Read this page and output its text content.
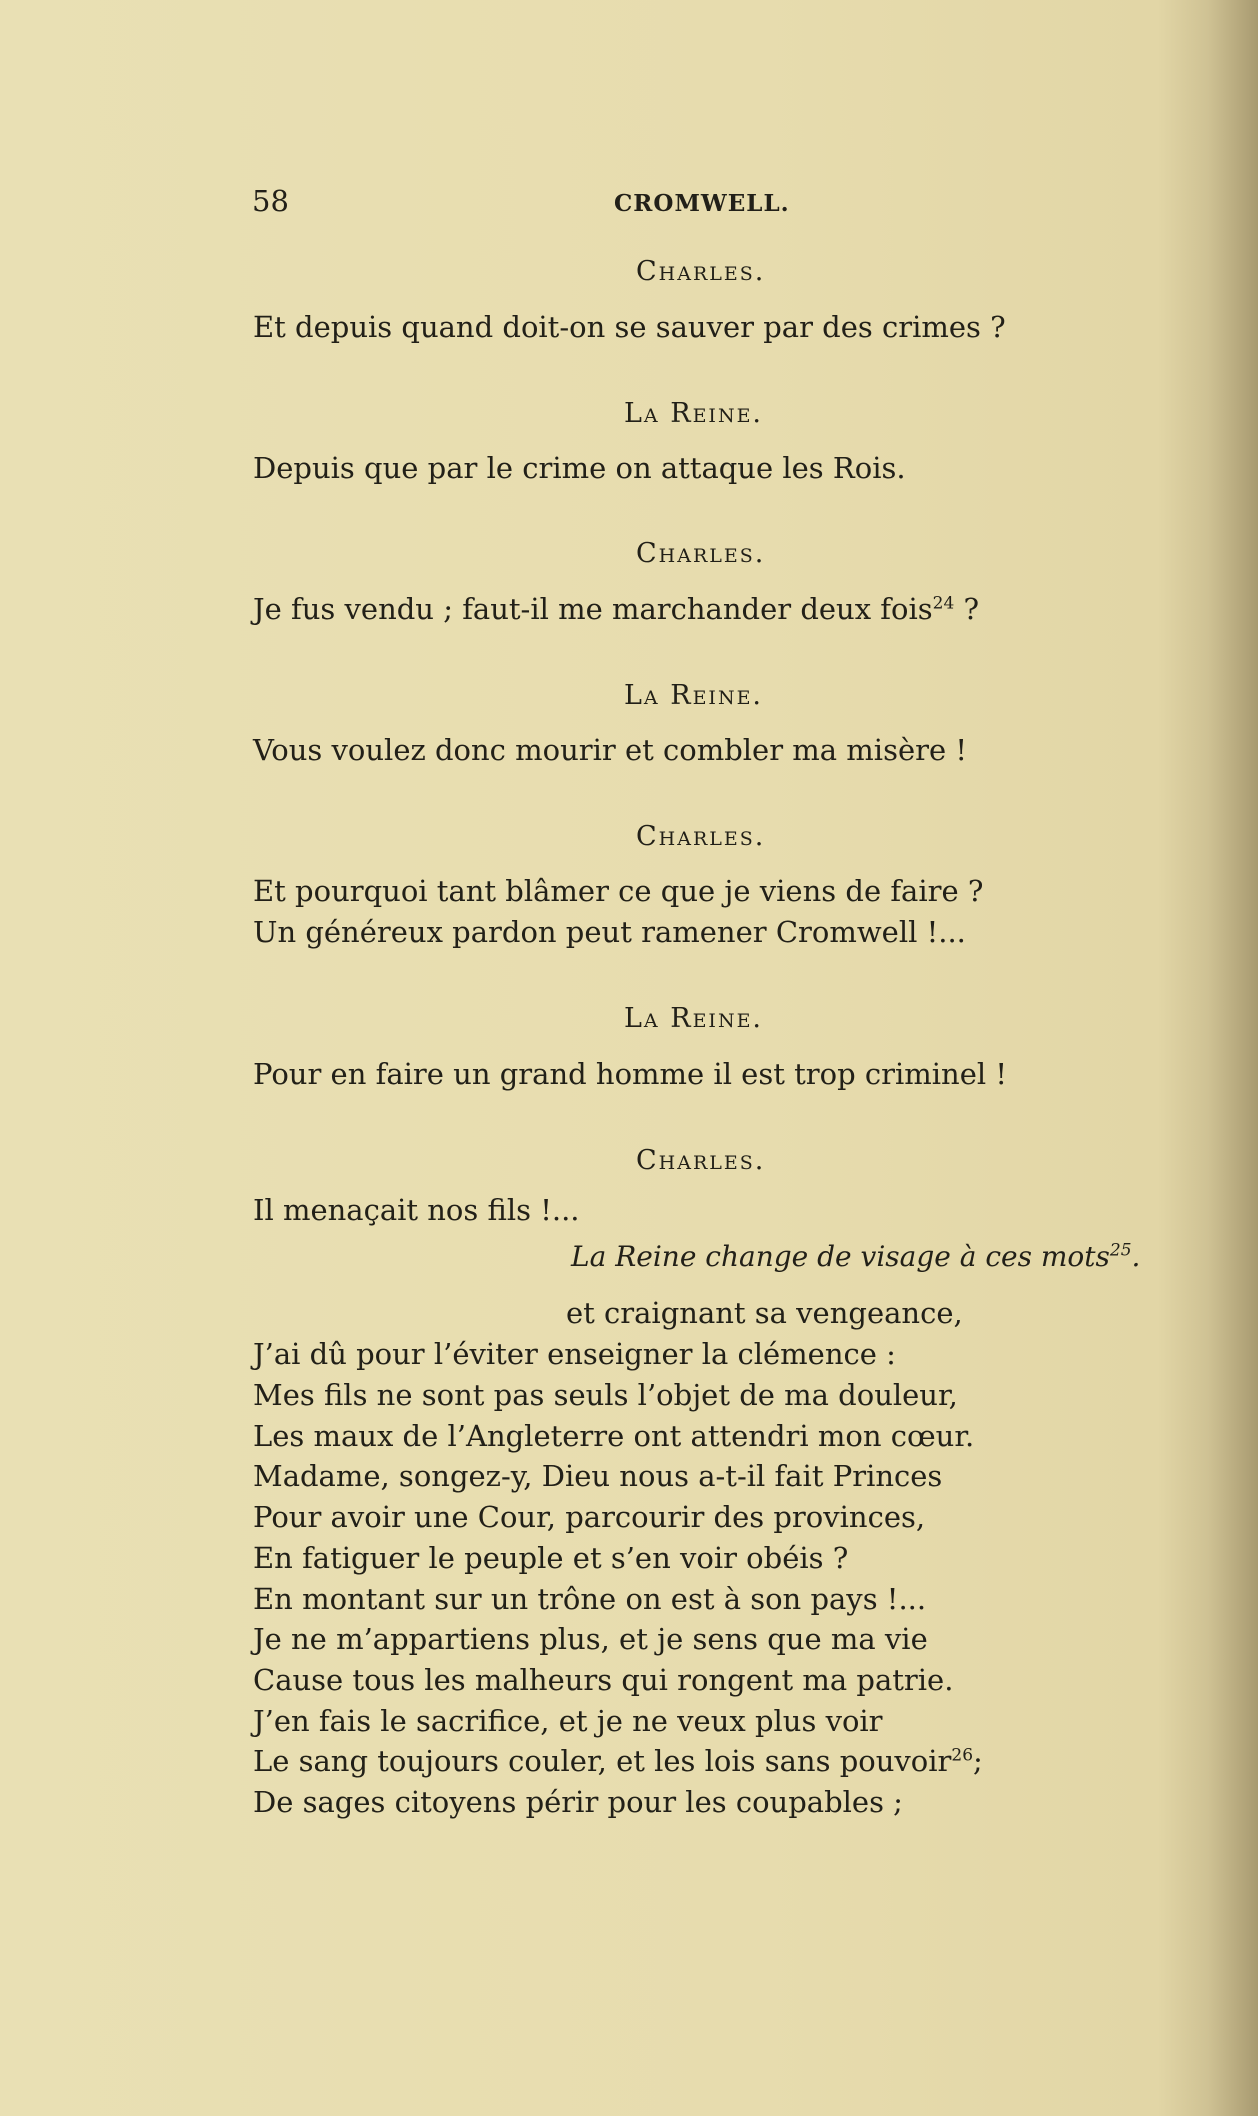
58	CROMWELL.
Charles.
Et depuis quand doit-on se sauver par des crimes ?
La Reine.
Depuis que par le crime on attaque les Rois.
Charles.
Je fus vendu ; faut-il me marchander deux fois$^{24}$ ?
La Reine.
Vous voulez donc mourir et combler ma misère !
Charles.
Et pourquoi tant blâmer ce que je viens de faire ?
Un généreux pardon peut ramener Cromwell !...
La Reine.
Pour en faire un grand homme il est trop criminel !
Charles.
Il menaçait nos fils !...
La Reine change de visage à ces mots$^{25}$.
et craignant sa vengeance,
J’ai dû pour l’éviter enseigner la clémence :
Mes fils ne sont pas seuls l’objet de ma douleur,
Les maux de l’Angleterre ont attendri mon cœur.
Madame, songez-y, Dieu nous a-t-il fait Princes
Pour avoir une Cour, parcourir des provinces,
En fatiguer le peuple et s’en voir obéis ?
En montant sur un trône on est à son pays !...
Je ne m’appartiens plus, et je sens que ma vie
Cause tous les malheurs qui rongent ma patrie.
J’en fais le sacrifice, et je ne veux plus voir
Le sang toujours couler, et les lois sans pouvoir$^{26}$;
De sages citoyens périr pour les coupables ;
